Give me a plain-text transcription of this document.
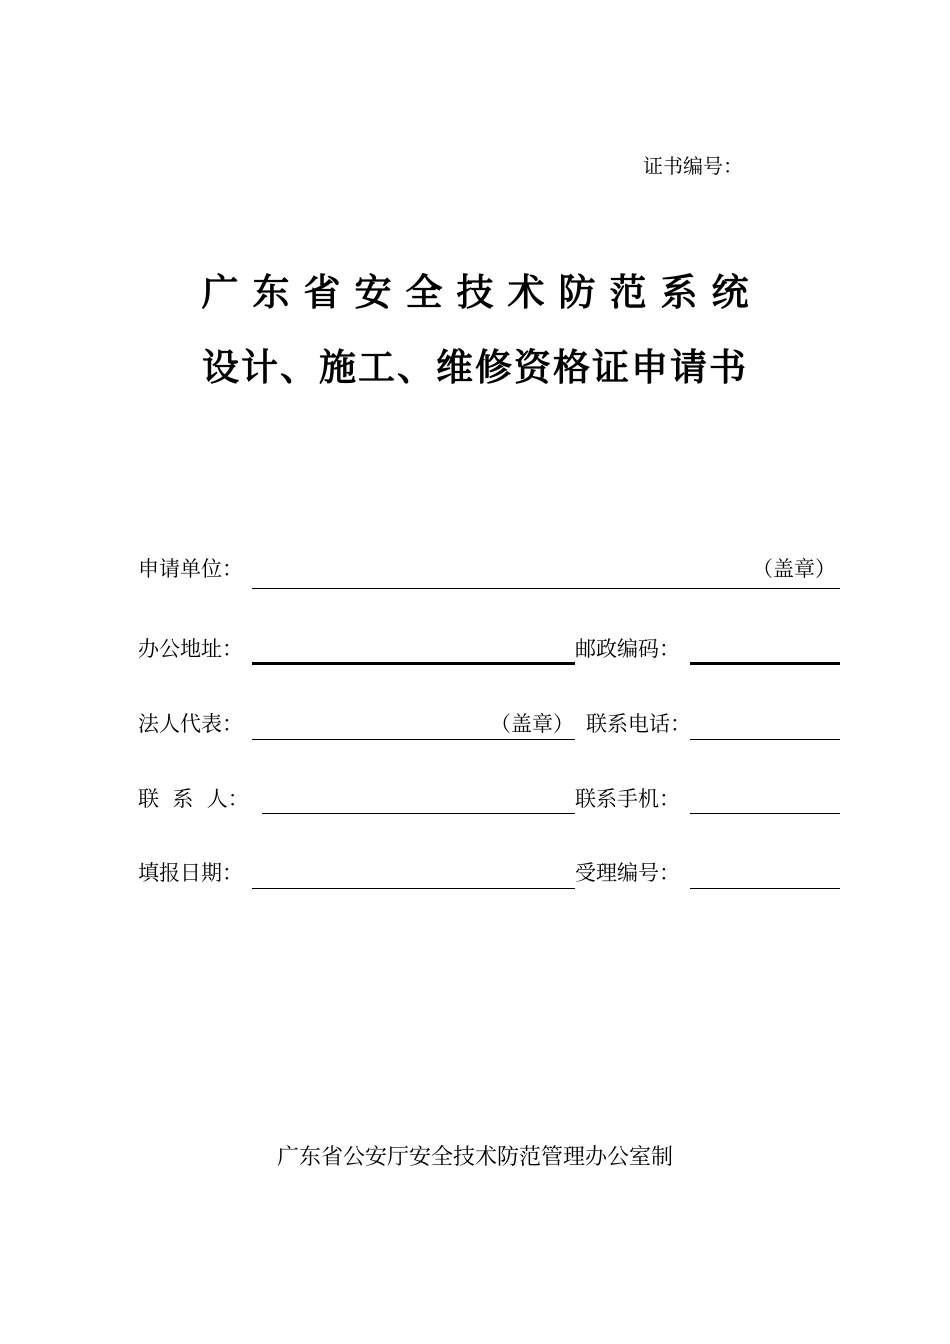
证书编号：
广东省安全技术防范系统
设计、施工、维修资格证申请书
申请单位：	（盖章）
办公地址：	邮政编码：
法人代表：	（盖章） 联系电话：
联  系  人：	联系手机：
填报日期：	受理编号：
广东省公安厅安全技术防范管理办公室制
